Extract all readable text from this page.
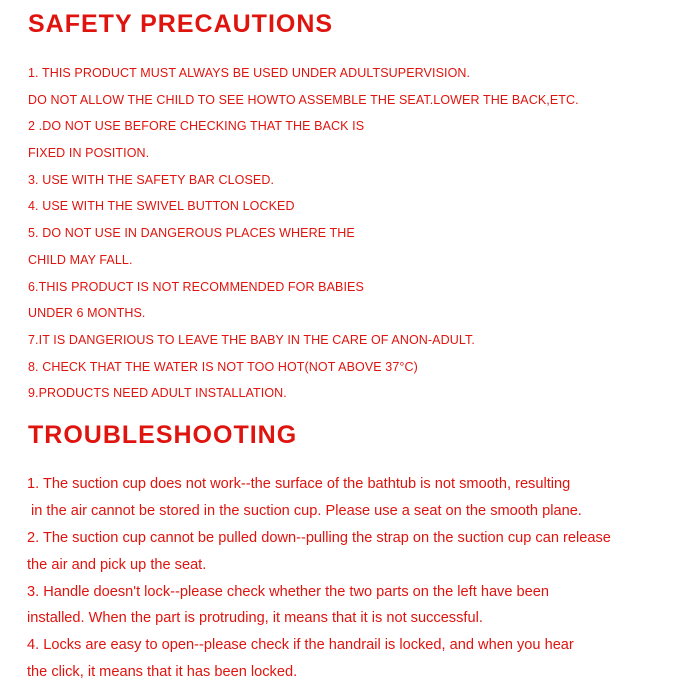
SAFETY PRECAUTIONS
1. THIS PRODUCT MUST ALWAYS BE USED UNDER ADULTSUPERVISION.
DO NOT ALLOW THE CHILD TO SEE HOWTO ASSEMBLE THE SEAT.LOWER THE BACK,ETC.
2 .DO NOT USE BEFORE CHECKING THAT THE BACK IS
FIXED IN POSITION.
3. USE WITH THE SAFETY BAR CLOSED.
4. USE WITH THE SWIVEL BUTTON LOCKED
5. DO NOT USE IN DANGEROUS PLACES WHERE THE
CHILD MAY FALL.
6.THIS PRODUCT IS NOT RECOMMENDED FOR BABIES
UNDER 6 MONTHS.
7.IT IS DANGERIOUS TO LEAVE THE BABY IN THE CARE OF ANON-ADULT.
8. CHECK THAT THE WATER IS NOT TOO HOT(NOT ABOVE 37°C)
9.PRODUCTS NEED ADULT INSTALLATION.
TROUBLESHOOTING
1. The suction cup does not work--the surface of the bathtub is not smooth, resulting
in the air cannot be stored in the suction cup. Please use a seat on the smooth plane.
2. The suction cup cannot be pulled down--pulling the strap on the suction cup can release
the air and pick up the seat.
3. Handle doesn't lock--please check whether the two parts on the left have been
installed. When the part is protruding, it means that it is not successful.
4. Locks are easy to open--please check if the handrail is locked, and when you hear
the click, it means that it has been locked.
